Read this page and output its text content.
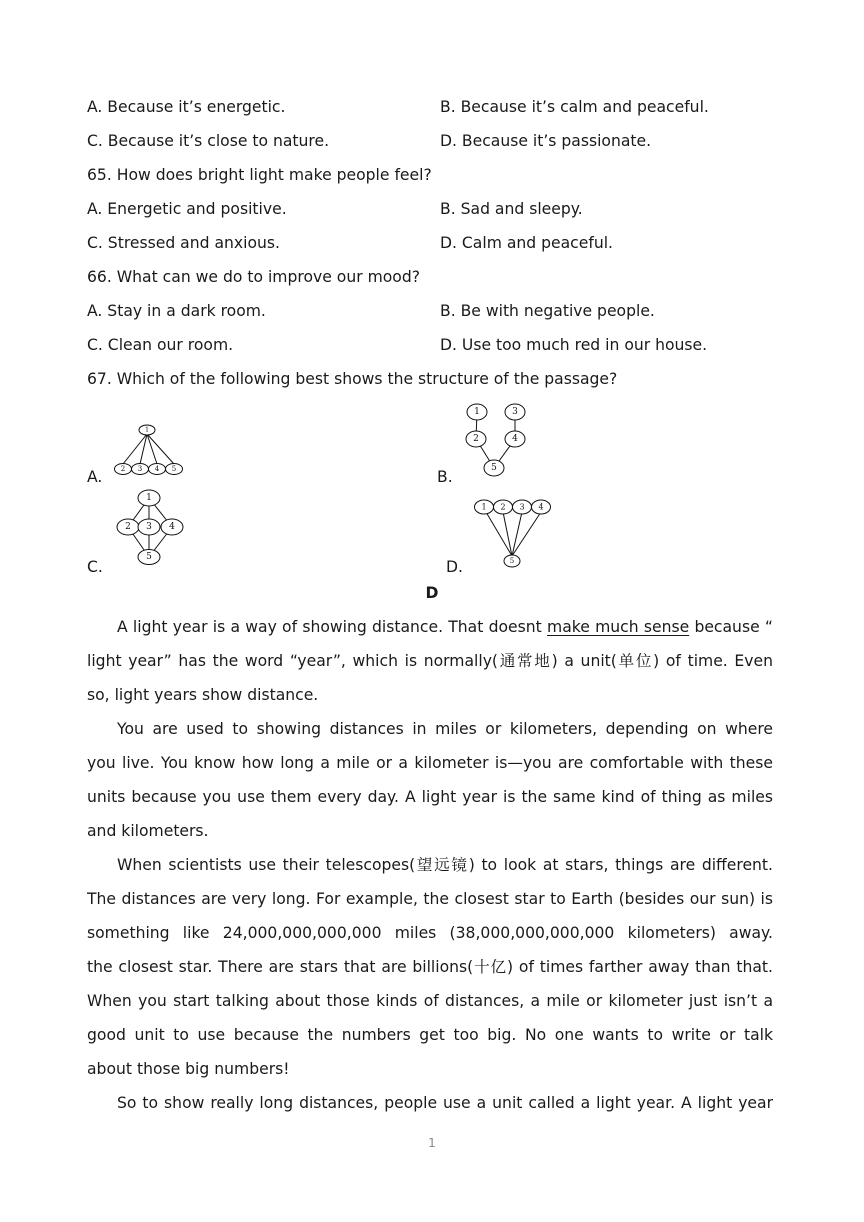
A. Because it’s energetic.	B. Because it’s calm and peaceful.
C. Because it’s close to nature.	D. Because it’s passionate.
65. How does bright light make people feel?
A. Energetic and positive.	B. Sad and sleepy.
C. Stressed and anxious.	D. Calm and peaceful.
66. What can we do to improve our mood?
A. Stay in a dark room.	B. Be with negative people.
C. Clean our room.	D. Use too much red in our house.
67. Which of the following best shows the structure of the passage?
A.	B.
C.	D.
1
2 3 4 5
1	3
2	4
5
1
2 3 4
5
1 2 3 4
5
D
A light year is a way of showing distance. That doesnt make much sense because “
light year” has the word “year”, which is normally(通常地) a unit(单位) of time. Even
so, light years show distance.
You are used to showing distances in miles or kilometers, depending on where
you live. You know how long a mile or a kilometer is—you are comfortable with these
units because you use them every day. A light year is the same kind of thing as miles
and kilometers.
When scientists use their telescopes(望远镜) to look at stars, things are different.
The distances are very long. For example, the closest star to Earth (besides our sun) is
something like 24,000,000,000,000 miles (38,000,000,000,000 kilometers) away.
the closest star. There are stars that are billions(十亿) of times farther away than that.
When you start talking about those kinds of distances, a mile or kilometer just isn’t a
good unit to use because the numbers get too big. No one wants to write or talk
about those big numbers!
So to show really long distances, people use a unit called a light year. A light year
1
